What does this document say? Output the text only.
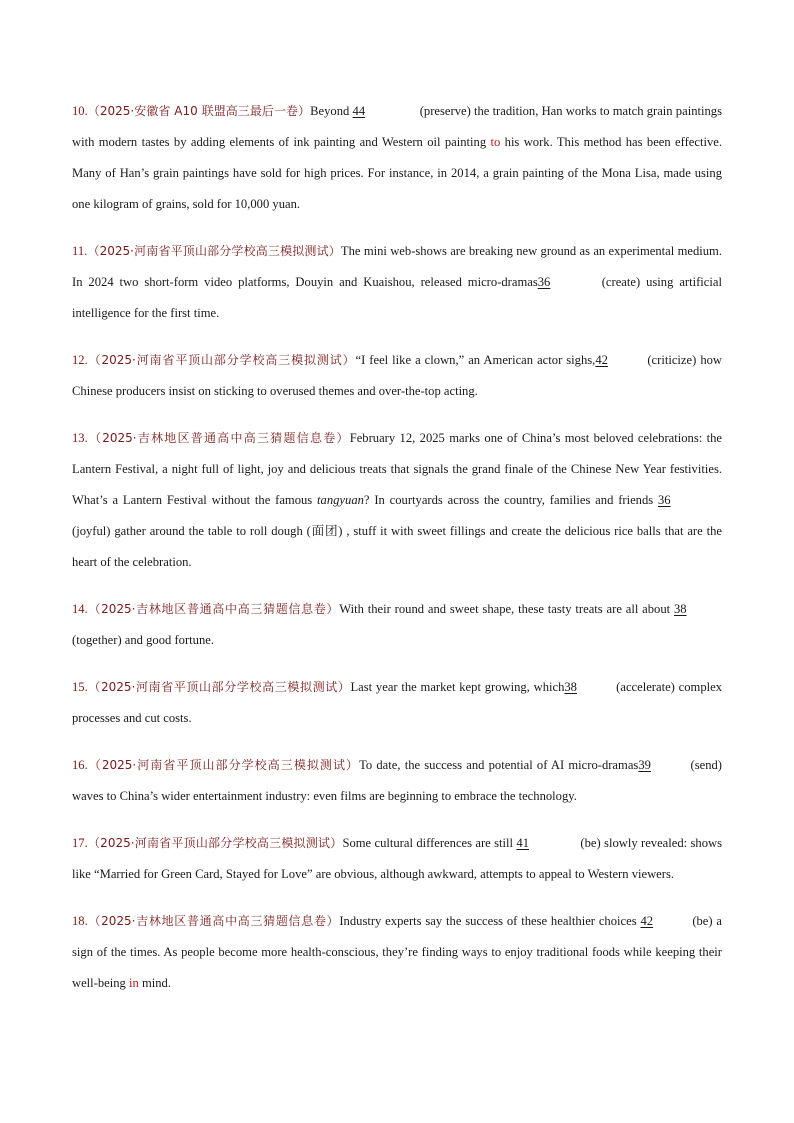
10.（2025·安徽省 A10 联盟高三最后一卷）Beyond 44	(preserve) the tradition, Han works to match grain paintings with modern tastes by adding elements of ink painting and Western oil painting to his work. This method has been effective. Many of Han’s grain paintings have sold for high prices. For instance, in 2014, a grain painting of the Mona Lisa, made using one kilogram of grains, sold for 10,000 yuan.

11.（2025·河南省平顶山部分学校高三模拟测试）The mini web-shows are breaking new ground as an experimental medium. In 2024 two short-form video platforms, Douyin and Kuaishou, released micro-dramas36	(create) using artificial intelligence for the first time.

12.（2025·河南省平顶山部分学校高三模拟测试）“I feel like a clown,” an American actor sighs,42	(criticize) how Chinese producers insist on sticking to overused themes and over-the-top acting.

13.（2025·吉林地区普通高中高三猜题信息卷）February 12, 2025 marks one of China’s most beloved celebrations: the Lantern Festival, a night full of light, joy and delicious treats that signals the grand finale of the Chinese New Year festivities. What’s a Lantern Festival without the famous tangyuan? In courtyards across the country, families and friends 36 (joyful) gather around the table to roll dough (面团) , stuff it with sweet fillings and create the delicious rice balls that are the heart of the celebration.

14.（2025·吉林地区普通高中高三猜题信息卷）With their round and sweet shape, these tasty treats are all about 38 (together) and good fortune.

15.（2025·河南省平顶山部分学校高三模拟测试）Last year the market kept growing, which38	(accelerate) complex processes and cut costs.

16.（2025·河南省平顶山部分学校高三模拟测试）To date, the success and potential of AI micro-dramas39	(send) waves to China’s wider entertainment industry: even films are beginning to embrace the technology.

17.（2025·河南省平顶山部分学校高三模拟测试）Some cultural differences are still 41	(be) slowly revealed: shows like “Married for Green Card, Stayed for Love” are obvious, although awkward, attempts to appeal to Western viewers.

18.（2025·吉林地区普通高中高三猜题信息卷）Industry experts say the success of these healthier choices 42	(be) a sign of the times. As people become more health-conscious, they’re finding ways to enjoy traditional foods while keeping their well-being in mind.
